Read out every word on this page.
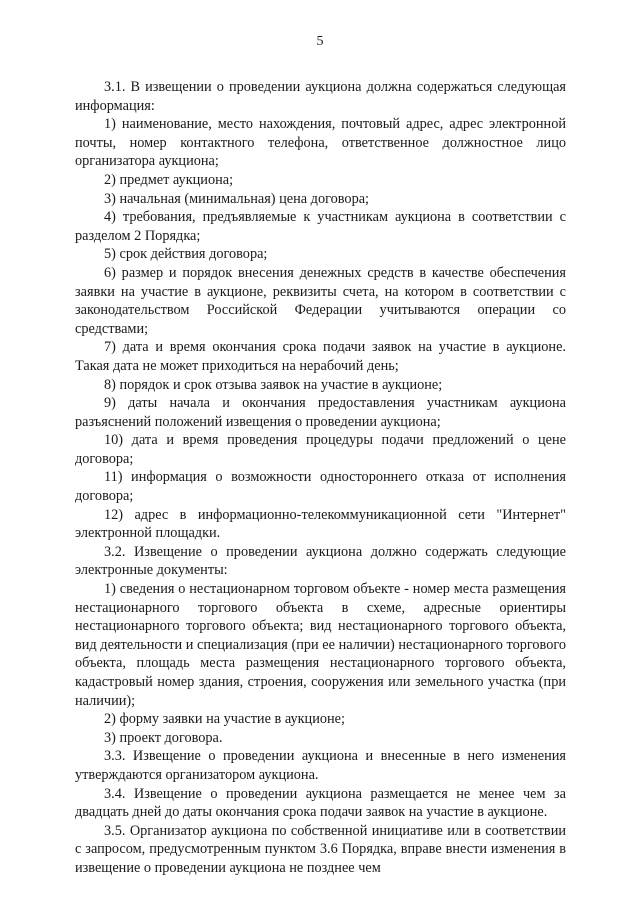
5

3.1. В извещении о проведении аукциона должна содержаться следующая информация:

1) наименование, место нахождения, почтовый адрес, адрес электронной почты, номер контактного телефона, ответственное должностное лицо организатора аукциона;

2) предмет аукциона;

3) начальная (минимальная) цена договора;

4) требования, предъявляемые к участникам аукциона в соответствии с разделом 2 Порядка;

5) срок действия договора;

6) размер и порядок внесения денежных средств в качестве обеспечения заявки на участие в аукционе, реквизиты счета, на котором в соответствии с законодательством Российской Федерации учитываются операции со средствами;

7) дата и время окончания срока подачи заявок на участие в аукционе. Такая дата не может приходиться на нерабочий день;

8) порядок и срок отзыва заявок на участие в аукционе;

9) даты начала и окончания предоставления участникам аукциона разъяснений положений извещения о проведении аукциона;

10) дата и время проведения процедуры подачи предложений о цене договора;

11) информация о возможности одностороннего отказа от исполнения договора;

12) адрес в информационно-телекоммуникационной сети "Интернет" электронной площадки.

3.2. Извещение о проведении аукциона должно содержать следующие электронные документы:

1) сведения о нестационарном торговом объекте - номер места размещения нестационарного торгового объекта в схеме, адресные ориентиры нестационарного торгового объекта; вид нестационарного торгового объекта, вид деятельности и специализация (при ее наличии) нестационарного торгового объекта, площадь места размещения нестационарного торгового объекта, кадастровый номер здания, строения, сооружения или земельного участка (при наличии);

2) форму заявки на участие в аукционе;

3) проект договора.

3.3. Извещение о проведении аукциона и внесенные в него изменения утверждаются организатором аукциона.

3.4. Извещение о проведении аукциона размещается не менее чем за двадцать дней до даты окончания срока подачи заявок на участие в аукционе.

3.5. Организатор аукциона по собственной инициативе или в соответствии с запросом, предусмотренным пунктом 3.6 Порядка, вправе внести изменения в извещение о проведении аукциона не позднее чем
